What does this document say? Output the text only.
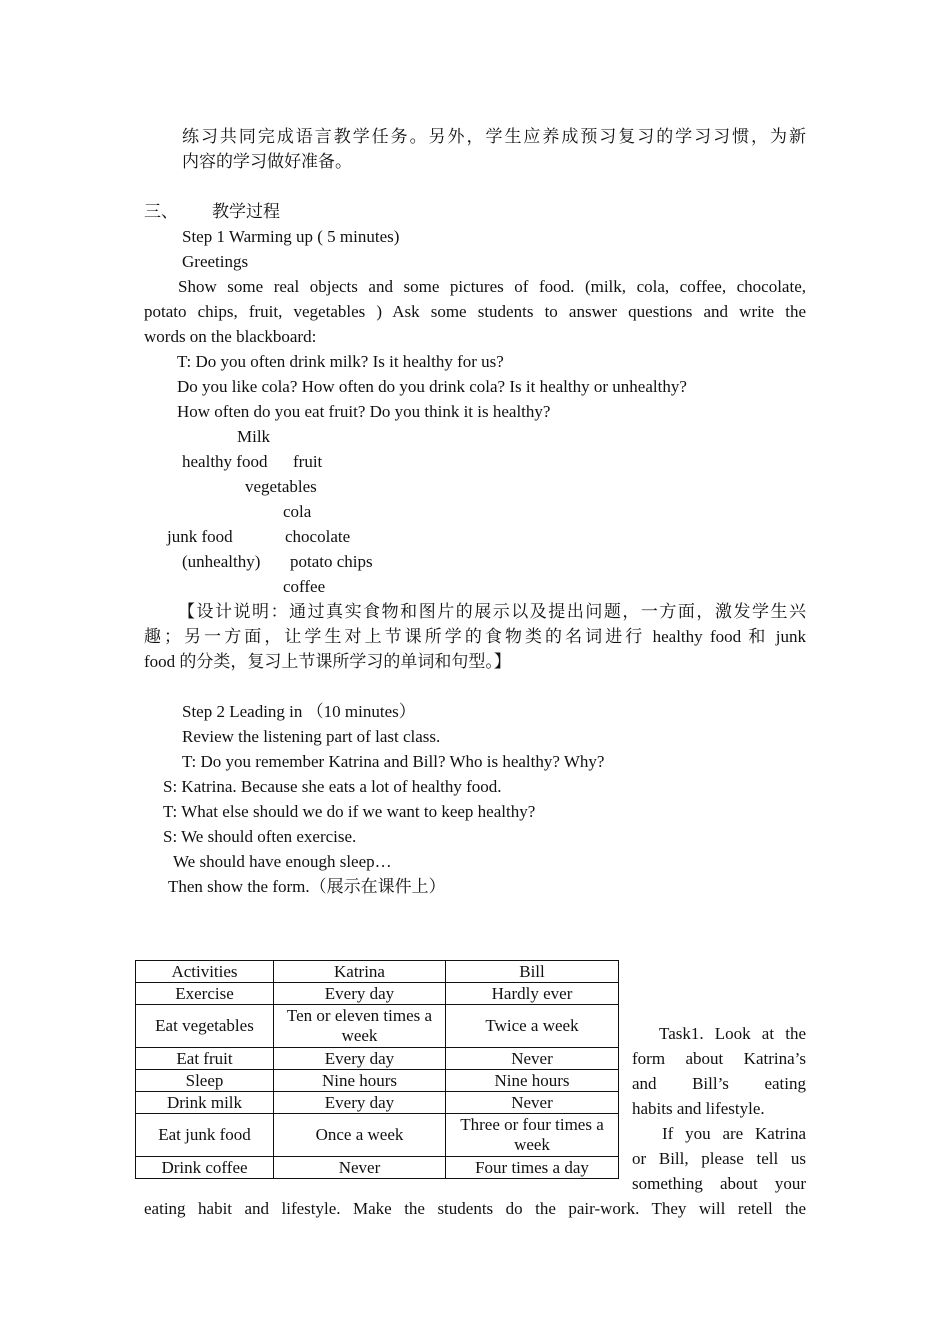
练习共同完成语言教学任务。另外，学生应养成预习复习的学习习惯，为新
内容的学习做好准备。
三、 教学过程
Step 1 Warming up ( 5 minutes)
Greetings
Show some real objects and some pictures of food. (milk, cola, coffee, chocolate,
potato chips, fruit, vegetables ) Ask some students to answer questions and write the
words on the blackboard:
T: Do you often drink milk? Is it healthy for us?
Do you like cola? How often do you drink cola? Is it healthy or unhealthy?
How often do you eat fruit? Do you think it is healthy?
Milk
healthy food fruit
vegetables
cola
junk food	chocolate
(unhealthy) potato chips
coffee
【设计说明：通过真实食物和图片的展示以及提出问题，一方面，激发学生兴
趣；另一方面，让学生对上节课所学的食物类的名词进行 healthy food 和 junk
food 的分类，复习上节课所学习的单词和句型。】
Step 2 Leading in （10 minutes）
Review the listening part of last class.
T: Do you remember Katrina and Bill? Who is healthy? Why?
S: Katrina. Because she eats a lot of healthy food.
T: What else should we do if we want to keep healthy?
S: We should often exercise.
We should have enough sleep…
Then show the form.（展示在课件上）
Activities	Katrina	Bill
Exercise	Every day	Hardly ever
Eat vegetables	Ten or eleven times a week	Twice a week
Eat fruit	Every day	Never
Sleep	Nine hours	Nine hours
Drink milk	Every day	Never
Eat junk food	Once a week	Three or four times a week
Drink coffee	Never	Four times a day
Task1. Look at the
form about Katrina’s
and Bill’s eating
habits and lifestyle.
If you are Katrina
or Bill, please tell us
something about your
eating habit and lifestyle. Make the students do the pair-work. They will retell the
